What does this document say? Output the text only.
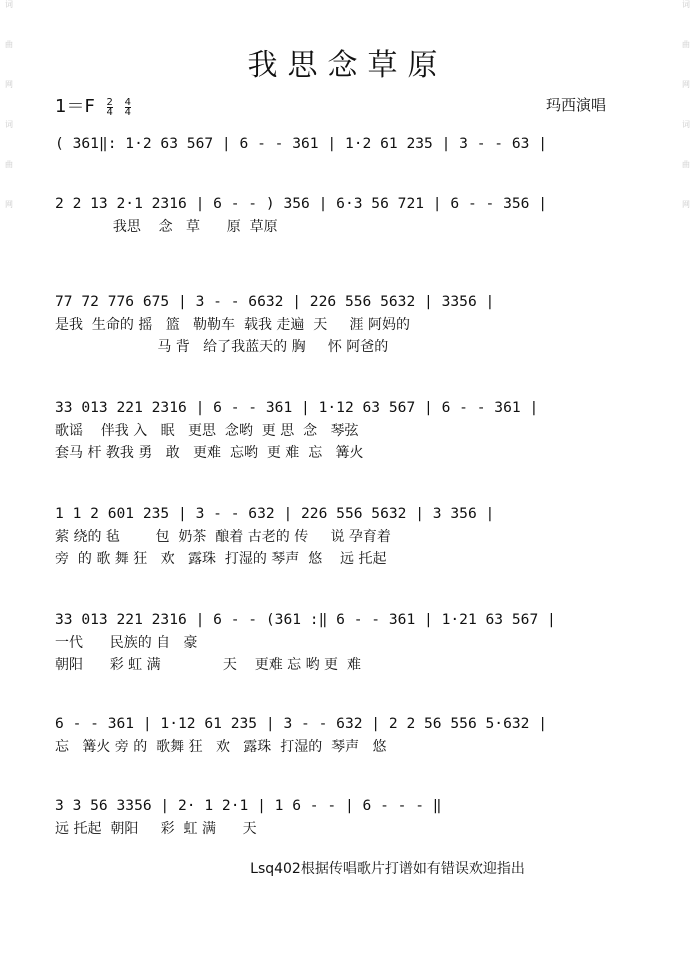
词
曲
网
词
曲
网
词
曲
网
词
曲
网
我思念草原
$1=F \frac{2}{4} \frac{4}{4}$	玛西演唱
( 361‖: 1·2 63 567 | 6 - - 361 | 1·2 61 235 | 3 - - 63 |
2 2 13 2·1 2316 | 6 - - ) 356 | 6·3 56 721 | 6 - - 356 |
我思    念   草      原  草原
77 72 776 675 | 3 - - 6632 | 226 556 5632 | 3356 |
是我  生命的 摇   篮   勒勒车  载我 走遍  天     涯 阿妈的
马 背   给了我蓝天的 胸     怀 阿爸的
33 013 221 2316 | 6 - - 361 | 1·12 63 567 | 6 - - 361 |
歌谣    伴我 入   眠   更思  念哟  更 思  念   琴弦
套马 杆 教我 勇   敢   更难  忘哟  更 难  忘   篝火
1 1 2 601 235 | 3 - - 632 | 226 556 5632 | 3 356 |
萦 绕的 毡        包  奶茶  酿着 古老的 传     说 孕育着
旁  的 歌 舞 狂   欢   露珠  打湿的 琴声  悠    远 托起
33 013 221 2316 | 6 - - (361 :‖ 6 - - 361 | 1·21 63 567 |
一代      民族的 自   豪
朝阳      彩 虹 满              天    更难 忘 哟 更  难
6 - - 361 | 1·12 61 235 | 3 - - 632 | 2 2 56 556 5·632 |
忘   篝火 旁 的  歌舞 狂   欢   露珠  打湿的  琴声   悠
3 3 56 3356 | 2· 1 2·1 | 1 6 - - | 6 - - - ‖
远 托起  朝阳     彩  虹 满      天
Lsq402根据传唱歌片打谱如有错误欢迎指出
